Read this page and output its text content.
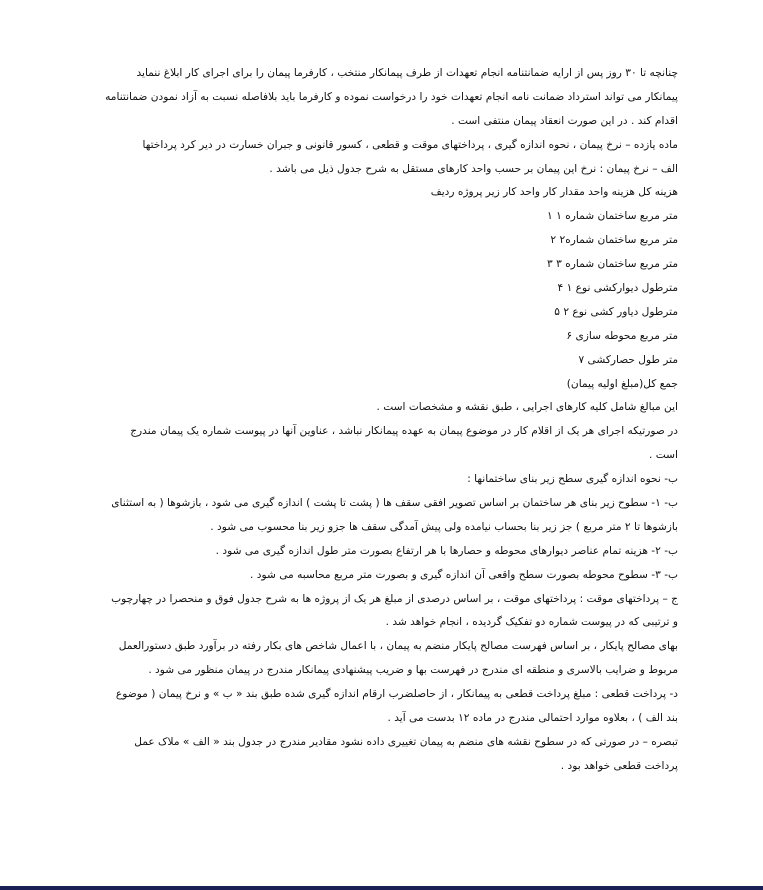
چنانچه تا ۳۰ روز پس از ارایه ضمانتنامه انجام تعهدات از طرف پیمانکار منتخب ، کارفرما پیمان را برای اجرای کار ابلاغ ننماید
پیمانکار می تواند استرداد ضمانت نامه انجام تعهدات خود را درخواست نموده و کارفرما باید بلافاصله نسبت به آزاد نمودن ضمانتنامه
اقدام کند . در این صورت انعقاد پیمان منتفی است .
ماده یازده – نرخ پیمان ، نحوه اندازه گیری ، پرداختهای موقت و قطعی ، کسور قانونی و جبران خسارت در دیر کرد پرداختها
الف – نرخ پیمان : نرخ این پیمان بر حسب واحد کارهای مستقل به شرح جدول ذیل می باشد .
هزینه کل هزینه واحد مقدار کار واحد کار زیر پروژه ردیف
متر مربع ساختمان شماره ۱ ۱
متر مربع ساختمان شماره۲ ۲
متر مربع ساختمان شماره ۳ ۳
مترطول دیوارکشی نوع ۱ ۴
مترطول دیاور کشی نوع ۲ ۵
متر مربع محوطه سازی ۶
متر طول حصارکشی ۷
جمع کل(مبلغ اولیه پیمان)
این مبالغ شامل کلیه کارهای اجرایی ، طبق نقشه و مشخصات است .
در صورتیکه اجرای هر یک از اقلام کار در موضوع پیمان به عهده پیمانکار نباشد ، عناوین آنها در پیوست شماره یک پیمان مندرج
است .
ب- نحوه اندازه گیری سطح زیر بنای ساختمانها :
ب- ۱- سطوح زیر بنای هر ساختمان بر اساس تصویر افقی سقف ها ( پشت تا پشت ) اندازه گیری می شود ، بازشوها ( به استثنای
بازشوها تا ۲ متر مربع ) جز زیر بنا بحساب نیامده ولی پیش آمدگی سقف ها جزو زیر بنا محسوب می شود .
ب- ۲- هزینه تمام عناصر دیوارهای محوطه و حصارها با هر ارتفاع بصورت متر طول اندازه گیری می شود .
ب- ۳- سطوح محوطه بصورت سطح واقعی آن اندازه گیری و بصورت متر مربع محاسبه می شود .
ج – پرداختهای موقت : پرداختهای موقت ، بر اساس درصدی از مبلغ هر یک از پروژه ها به شرح جدول فوق و منحصرا در چهارچوب
و ترتیبی که در پیوست شماره دو تفکیک گردیده ، انجام خواهد شد .
بهای مصالح پایکار ، بر اساس فهرست مصالح پایکار منضم به پیمان ، با اعمال شاخص های بکار رفته در برآورد طبق دستورالعمل
مربوط و ضرایب بالاسری و منطقه ای مندرج در فهرست بها و ضریب پیشنهادی پیمانکار مندرج در پیمان منظور می شود .
د- پرداخت قطعی : مبلغ پرداخت قطعی به پیمانکار ، از حاصلضرب ارقام اندازه گیری شده طبق بند « ب » و نرخ پیمان ( موضوع
بند الف ) ، بعلاوه موارد احتمالی مندرج در ماده ۱۲ بدست می آید .
تبصره – در صورتی که در سطوح نقشه های منضم به پیمان تغییری داده نشود مقادیر مندرج در جدول بند « الف » ملاک عمل
پرداخت قطعی خواهد بود .
